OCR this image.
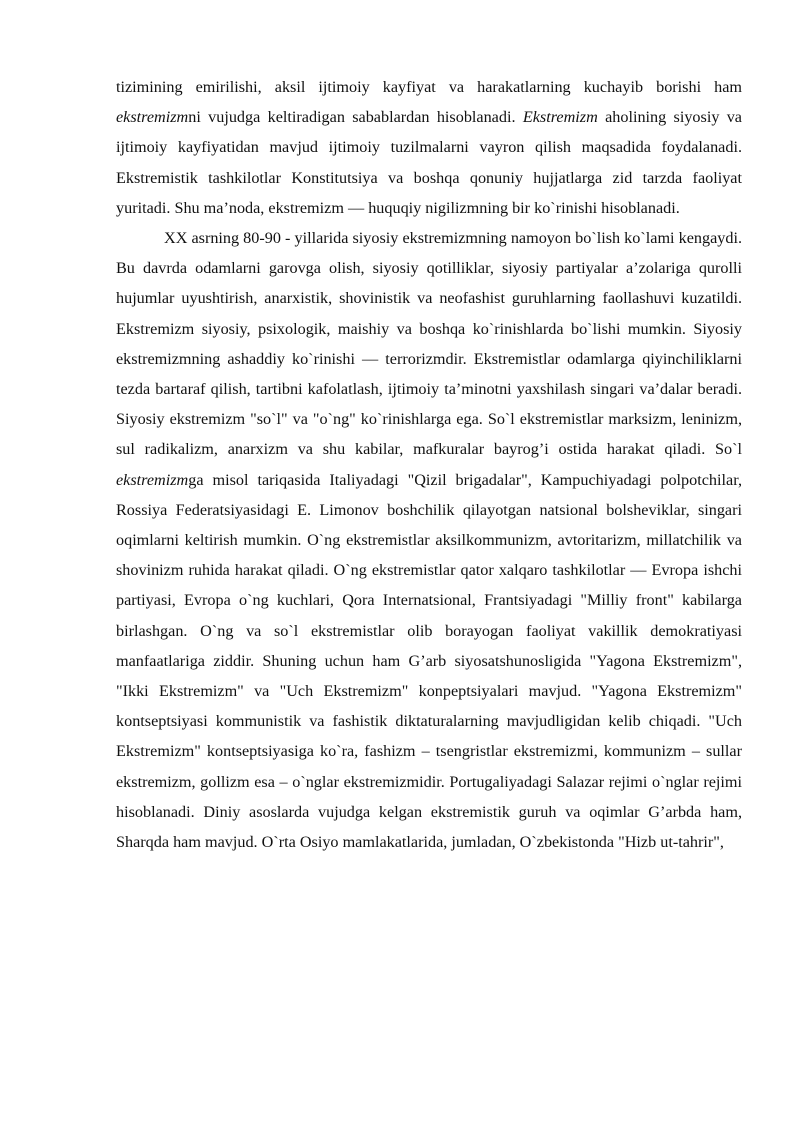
tizimining emirilishi, aksil ijtimoiy kayfiyat va harakatlarning kuchayib borishi ham ekstremizmni vujudga keltiradigan sabablardan hisoblanadi. Ekstremizm aholining siyosiy va ijtimoiy kayfiyatidan mavjud ijtimoiy tuzilmalarni vayron qilish maqsadida foydalanadi. Ekstremistik tashkilotlar Konstitutsiya va boshqa qonuniy hujjatlarga zid tarzda faoliyat yuritadi. Shu ma’noda, ekstremizm — huquqiy nigilizmning bir ko`rinishi hisoblanadi.

XX asrning 80-90 - yillarida siyosiy ekstremizmning namoyon bo`lish ko`lami kengaydi. Bu davrda odamlarni garovga olish, siyosiy qotilliklar, siyosiy partiyalar a’zolariga qurolli hujumlar uyushtirish, anarxistik, shovinistik va neofashist guruhlarning faollashuvi kuzatildi. Ekstremizm siyosiy, psixologik, maishiy va boshqa ko`rinishlarda bo`lishi mumkin. Siyosiy ekstremizmning ashaddiy ko`rinishi — terrorizmdir. Ekstremistlar odamlarga qiyinchiliklarni tezda bartaraf qilish, tartibni kafolatlash, ijtimoiy ta’minotni yaxshilash singari va’dalar beradi. Siyosiy ekstremizm "so`l" va "o`ng" ko`rinishlarga ega. So`l ekstremistlar marksizm, leninizm, sul radikalizm, anarxizm va shu kabilar, mafkuralar bayrog’i ostida harakat qiladi. So`l ekstremizmga misol tariqasida Italiyadagi "Qizil brigadalar", Kampuchiyadagi polpotchilar, Rossiya Federatsiyasidagi E. Limonov boshchilik qilayotgan natsional bolsheviklar, singari oqimlarni keltirish mumkin. O`ng ekstremistlar aksilkommunizm, avtoritarizm, millatchilik va shovinizm ruhida harakat qiladi. O`ng ekstremistlar qator xalqaro tashkilotlar — Evropa ishchi partiyasi, Evropa o`ng kuchlari, Qora Internatsional, Frantsiyadagi "Milliy front" kabilarga birlashgan. O`ng va so`l ekstremistlar olib borayogan faoliyat vakillik demokratiyasi manfaatlariga ziddir. Shuning uchun ham G’arb siyosatshunosligida "Yagona Ekstremizm", "Ikki Ekstremizm" va "Uch Ekstremizm" konpeptsiyalari mavjud. "Yagona Ekstremizm" kontseptsiyasi kommunistik va fashistik diktaturalarning mavjudligidan kelib chiqadi. "Uch Ekstremizm" kontseptsiyasiga ko`ra, fashizm – tsengristlar ekstremizmi, kommunizm – sullar ekstremizm, gollizm esa – o`nglar ekstremizmidir. Portugaliyadagi Salazar rejimi o`nglar rejimi hisoblanadi. Diniy asoslarda vujudga kelgan ekstremistik guruh va oqimlar G’arbda ham, Sharqda ham mavjud. O`rta Osiyo mamlakatlarida, jumladan, O`zbekistonda "Hizb ut-tahrir",
